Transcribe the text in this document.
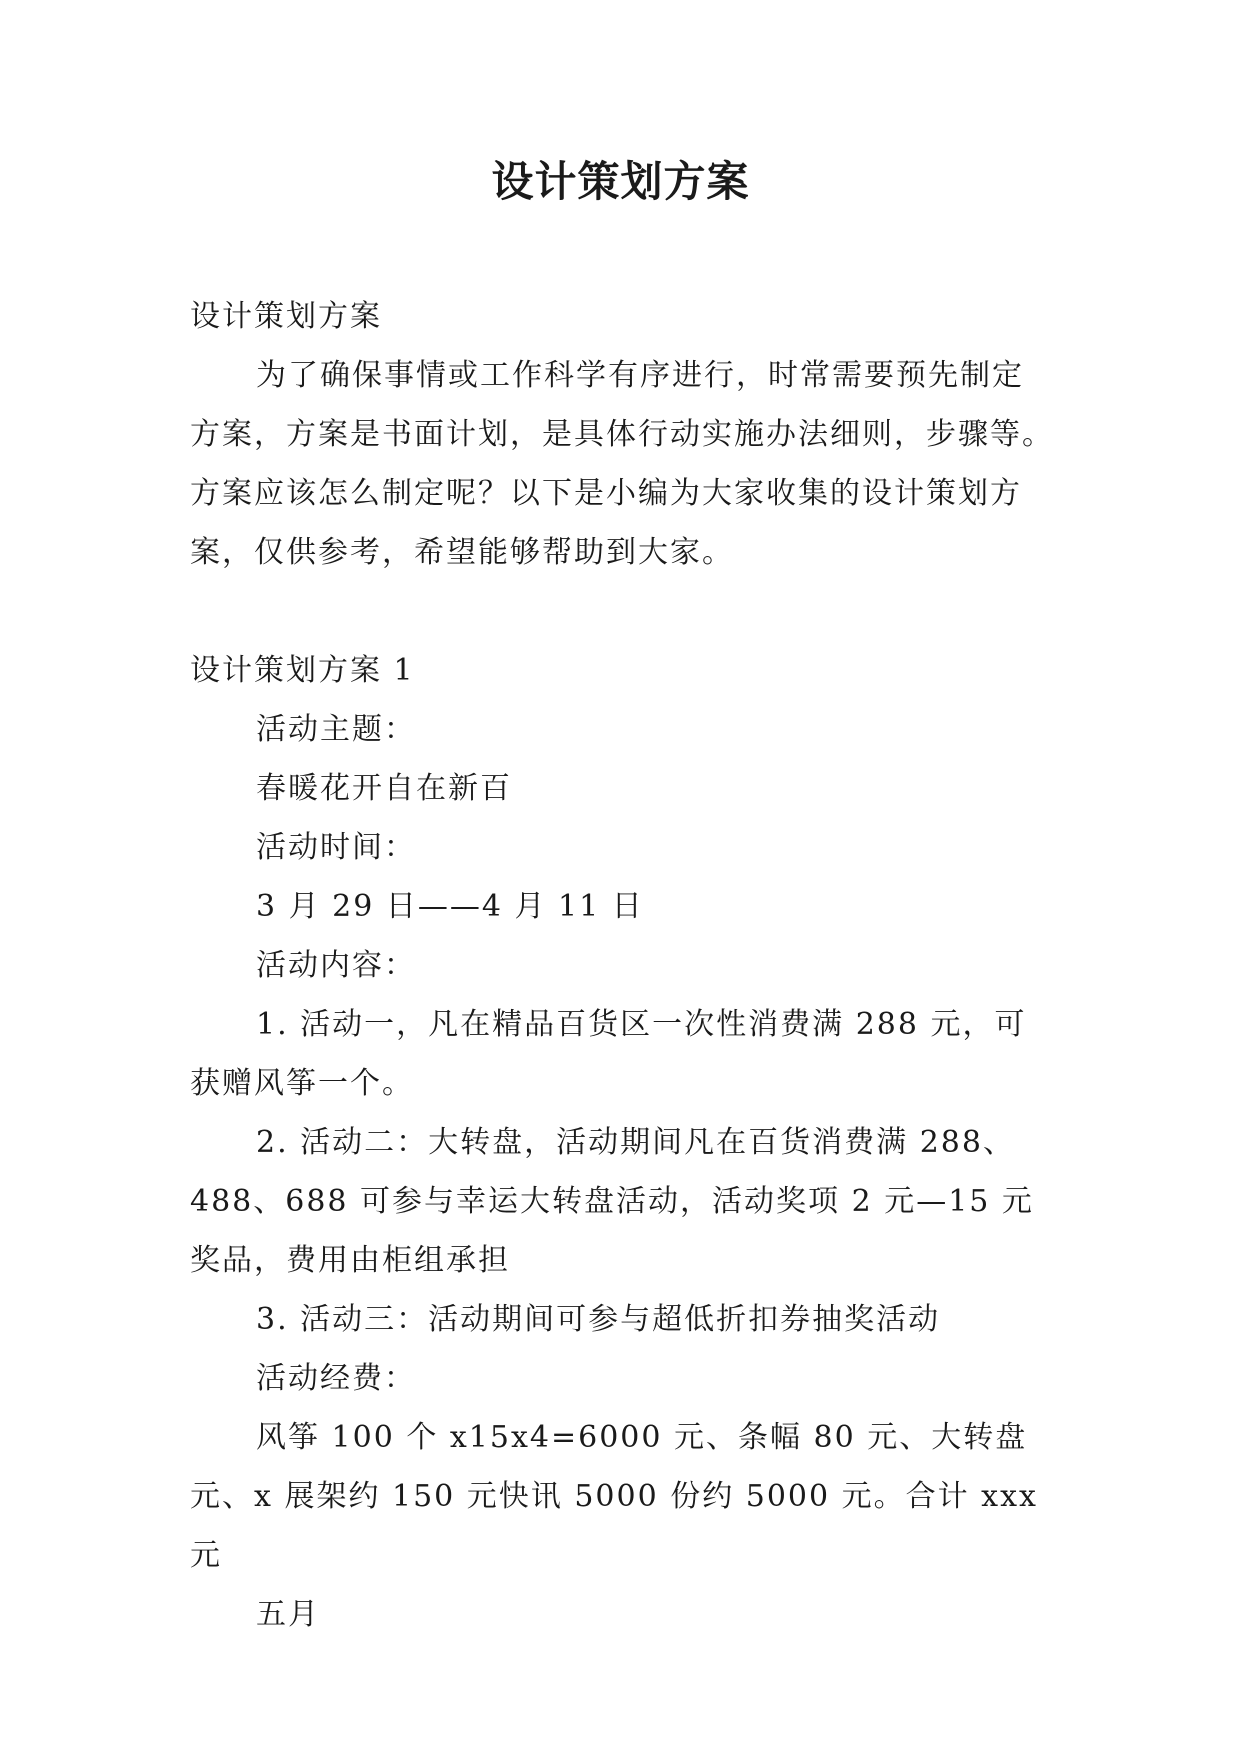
设计策划方案

设计策划方案

为了确保事情或工作科学有序进行，时常需要预先制定方案，方案是书面计划，是具体行动实施办法细则，步骤等。方案应该怎么制定呢？以下是小编为大家收集的设计策划方案，仅供参考，希望能够帮助到大家。

设计策划方案 1

活动主题：

春暖花开自在新百

活动时间：

3 月 29 日——4 月 11 日

活动内容：

1. 活动一，凡在精品百货区一次性消费满 288 元，可获赠风筝一个。

2. 活动二：大转盘，活动期间凡在百货消费满 288、488、688 可参与幸运大转盘活动，活动奖项 2 元—15 元奖品，费用由柜组承担

3. 活动三：活动期间可参与超低折扣券抽奖活动

活动经费：

风筝 100 个 x15x4=6000 元、条幅 80 元、大转盘元、x 展架约 150 元快讯 5000 份约 5000 元。合计 xxx 元

五月
